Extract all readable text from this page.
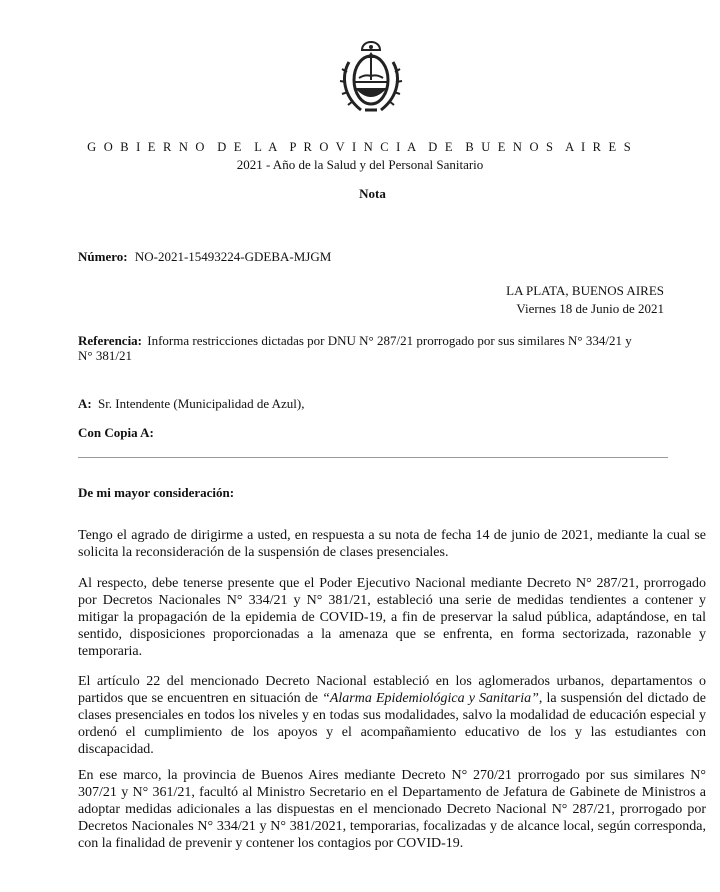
G O B I E R N O  D E  L A  P R O V I N C I A  D E  B U E N O S  A I R E S
2021 - Año de la Salud y del Personal Sanitario
Nota
Número: NO-2021-15493224-GDEBA-MJGM
LA PLATA, BUENOS AIRES
Viernes 18 de Junio de 2021
Referencia: Informa restricciones dictadas por DNU N° 287/21 prorrogado por sus similares N° 334/21 y
N° 381/21
A: Sr. Intendente (Municipalidad de Azul),
Con Copia A:
De mi mayor consideración:
Tengo el agrado de dirigirme a usted, en respuesta a su nota de fecha 14 de junio de 2021, mediante la cual se solicita la reconsideración de la suspensión de clases presenciales.
Al respecto, debe tenerse presente que el Poder Ejecutivo Nacional mediante Decreto N° 287/21, prorrogado por Decretos Nacionales N° 334/21 y N° 381/21, estableció una serie de medidas tendientes a contener y mitigar la propagación de la epidemia de COVID-19, a fin de preservar la salud pública, adaptándose, en tal sentido, disposiciones proporcionadas a la amenaza que se enfrenta, en forma sectorizada, razonable y temporaria.
El artículo 22 del mencionado Decreto Nacional estableció en los aglomerados urbanos, departamentos o partidos que se encuentren en situación de “Alarma Epidemiológica y Sanitaria”, la suspensión del dictado de clases presenciales en todos los niveles y en todas sus modalidades, salvo la modalidad de educación especial y ordenó el cumplimiento de los apoyos y el acompañamiento educativo de los y las estudiantes con discapacidad.
En ese marco, la provincia de Buenos Aires mediante Decreto N° 270/21 prorrogado por sus similares N° 307/21 y N° 361/21, facultó al Ministro Secretario en el Departamento de Jefatura de Gabinete de Ministros a adoptar medidas adicionales a las dispuestas en el mencionado Decreto Nacional N° 287/21, prorrogado por Decretos Nacionales N° 334/21 y N° 381/2021, temporarias, focalizadas y de alcance local, según corresponda, con la finalidad de prevenir y contener los contagios por COVID-19.
